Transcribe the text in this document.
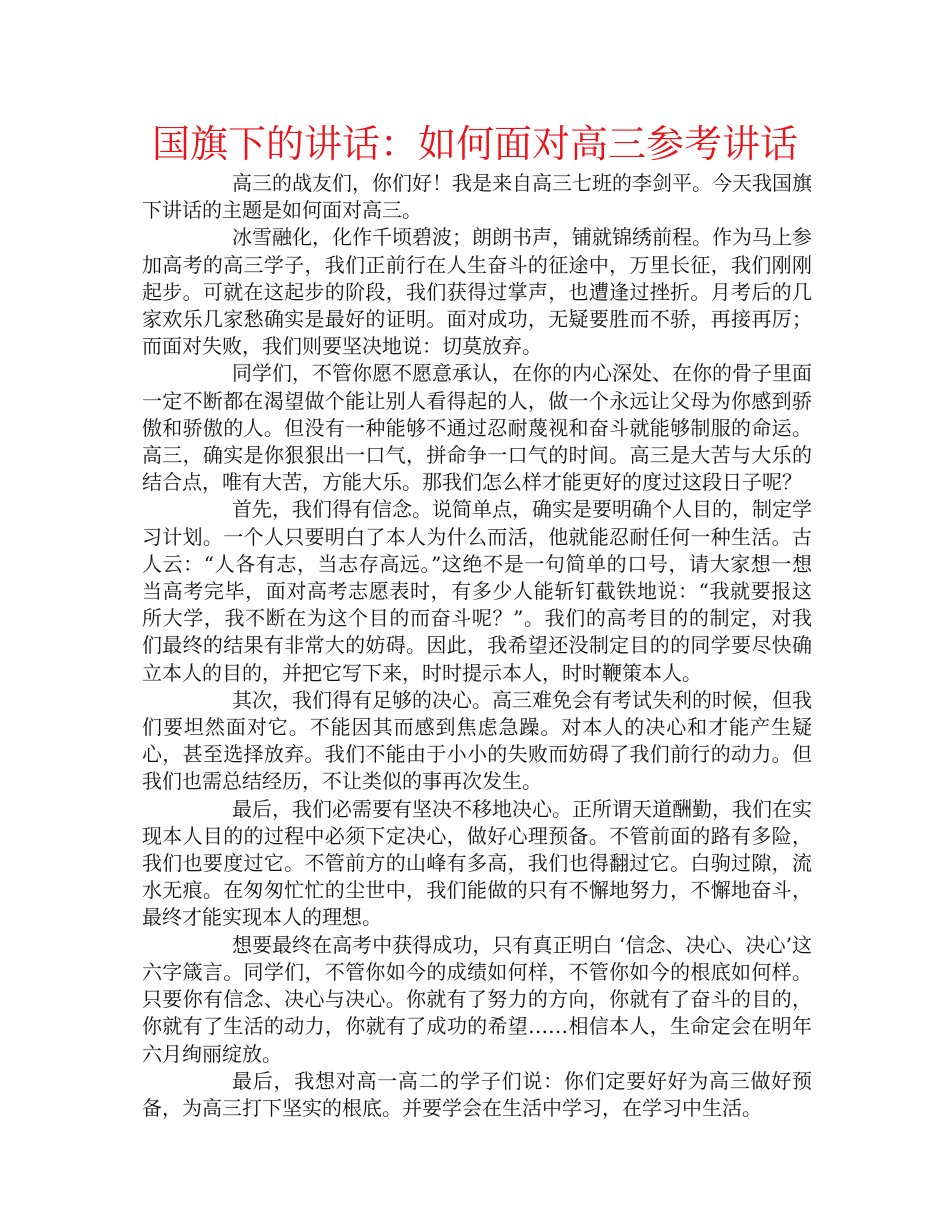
国旗下的讲话：如何面对高三参考讲话

高三的战友们，你们好！我是来自高三七班的李剑平。今天我国旗下讲话的主题是如何面对高三。

冰雪融化，化作千顷碧波；朗朗书声，铺就锦绣前程。作为马上参加高考的高三学子，我们正前行在人生奋斗的征途中，万里长征，我们刚刚起步。可就在这起步的阶段，我们获得过掌声，也遭逢过挫折。月考后的几家欢乐几家愁确实是最好的证明。面对成功，无疑要胜而不骄，再接再厉；而面对失败，我们则要坚决地说：切莫放弃。

同学们，不管你愿不愿意承认，在你的内心深处、在你的骨子里面一定不断都在渴望做个能让别人看得起的人，做一个永远让父母为你感到骄傲和骄傲的人。但没有一种能够不通过忍耐蔑视和奋斗就能够制服的命运。高三，确实是你狠狠出一口气，拼命争一口气的时间。高三是大苦与大乐的结合点，唯有大苦，方能大乐。那我们怎么样才能更好的度过这段日子呢？

首先，我们得有信念。说简单点，确实是要明确个人目的，制定学习计划。一个人只要明白了本人为什么而活，他就能忍耐任何一种生活。古人云：“人各有志，当志存高远。”这绝不是一句简单的口号，请大家想一想当高考完毕，面对高考志愿表时，有多少人能斩钉截铁地说：“我就要报这所大学，我不断在为这个目的而奋斗呢？”。我们的高考目的的制定，对我们最终的结果有非常大的妨碍。因此，我希望还没制定目的的同学要尽快确立本人的目的，并把它写下来，时时提示本人，时时鞭策本人。

其次，我们得有足够的决心。高三难免会有考试失利的时候，但我们要坦然面对它。不能因其而感到焦虑急躁。对本人的决心和才能产生疑心，甚至选择放弃。我们不能由于小小的失败而妨碍了我们前行的动力。但我们也需总结经历，不让类似的事再次发生。

最后，我们必需要有坚决不移地决心。正所谓天道酬勤，我们在实现本人目的的过程中必须下定决心，做好心理预备。不管前面的路有多险，我们也要度过它。不管前方的山峰有多高，我们也得翻过它。白驹过隙，流水无痕。在匆匆忙忙的尘世中，我们能做的只有不懈地努力，不懈地奋斗，最终才能实现本人的理想。

想要最终在高考中获得成功，只有真正明白 ‘信念、决心、决心’这六字箴言。同学们，不管你如今的成绩如何样，不管你如今的根底如何样。只要你有信念、决心与决心。你就有了努力的方向，你就有了奋斗的目的，你就有了生活的动力，你就有了成功的希望……相信本人，生命定会在明年六月绚丽绽放。

最后，我想对高一高二的学子们说：你们定要好好为高三做好预备，为高三打下坚实的根底。并要学会在生活中学习，在学习中生活。
